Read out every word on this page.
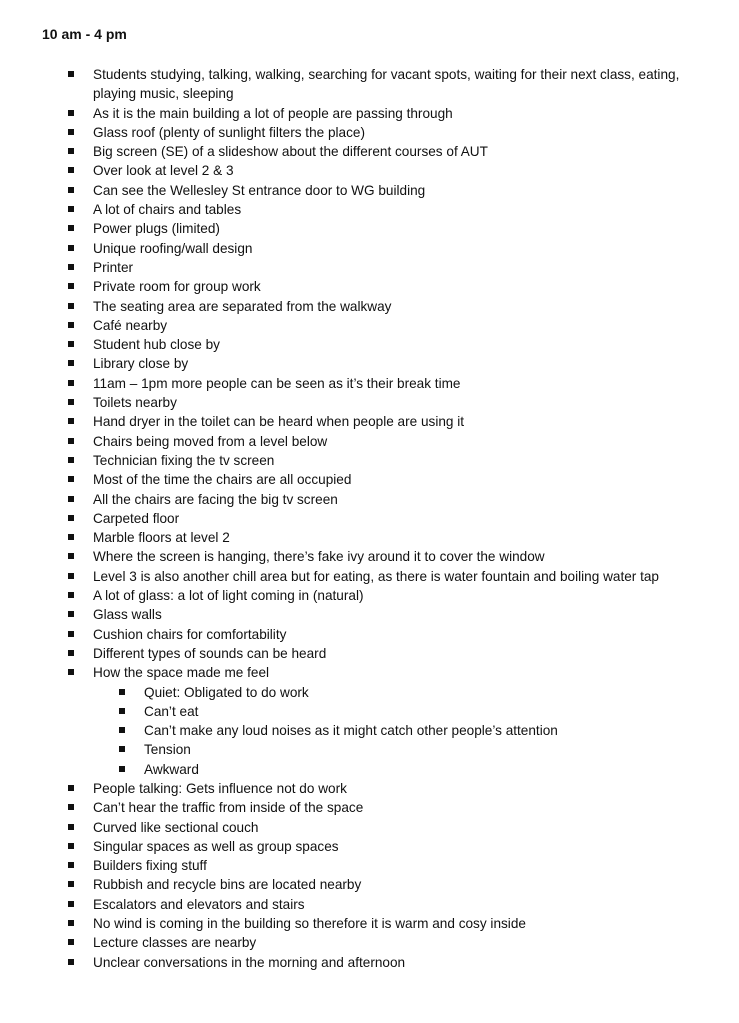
10 am - 4 pm

Students studying, talking, walking, searching for vacant spots, waiting for their next class, eating, playing music, sleeping
As it is the main building a lot of people are passing through
Glass roof (plenty of sunlight filters the place)
Big screen (SE) of a slideshow about the different courses of AUT
Over look at level 2 & 3
Can see the Wellesley St entrance door to WG building
A lot of chairs and tables
Power plugs (limited)
Unique roofing/wall design
Printer
Private room for group work
The seating area are separated from the walkway
Café nearby
Student hub close by
Library close by
11am – 1pm more people can be seen as it’s their break time
Toilets nearby
Hand dryer in the toilet can be heard when people are using it
Chairs being moved from a level below
Technician fixing the tv screen
Most of the time the chairs are all occupied
All the chairs are facing the big tv screen
Carpeted floor
Marble floors at level 2
Where the screen is hanging, there’s fake ivy around it to cover the window
Level 3 is also another chill area but for eating, as there is water fountain and boiling water tap
A lot of glass: a lot of light coming in (natural)
Glass walls
Cushion chairs for comfortability
Different types of sounds can be heard
How the space made me feel
Quiet: Obligated to do work
Can’t eat
Can’t make any loud noises as it might catch other people’s attention
Tension
Awkward
People talking: Gets influence not do work
Can’t hear the traffic from inside of the space
Curved like sectional couch
Singular spaces as well as group spaces
Builders fixing stuff
Rubbish and recycle bins are located nearby
Escalators and elevators and stairs
No wind is coming in the building so therefore it is warm and cosy inside
Lecture classes are nearby
Unclear conversations in the morning and afternoon
